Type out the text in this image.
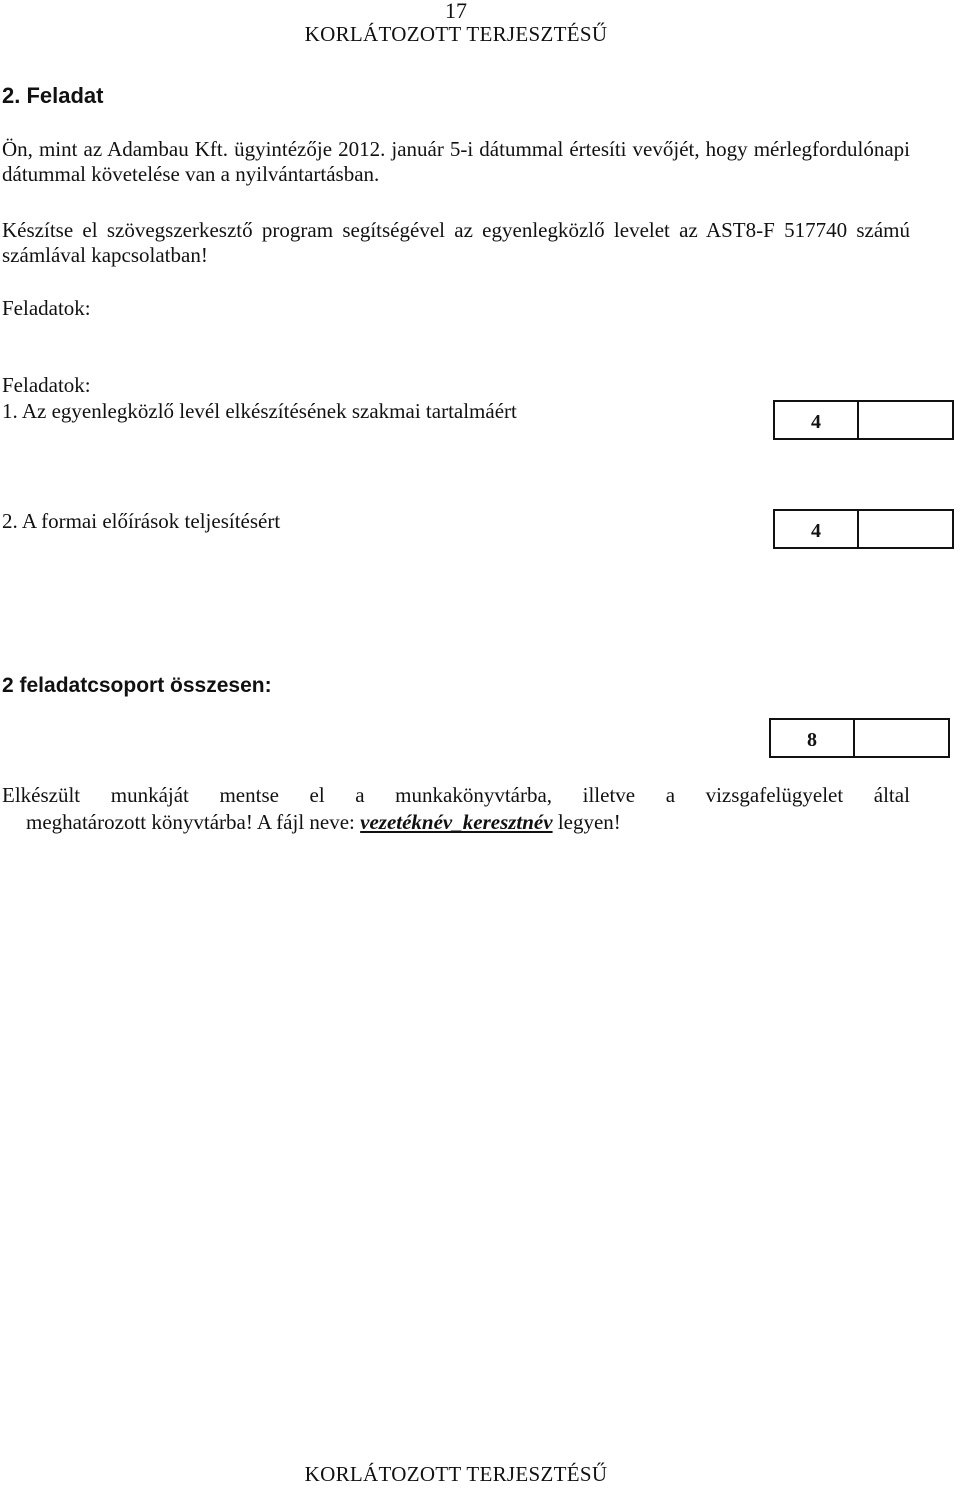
17
KORLÁTOZOTT TERJESZTÉSŰ
2. Feladat
Ön, mint az Adambau Kft. ügyintézője 2012. január 5-i dátummal értesíti vevőjét, hogy mérlegfordulónapi dátummal követelése van a nyilvántartásban.
Készítse el szövegszerkesztő program segítségével az egyenlegközlő levelet az AST8-F 517740 számú számlával kapcsolatban!
Feladatok:
Feladatok:
1. Az egyenlegközlő levél elkészítésének szakmai tartalmáért	4
2. A formai előírások teljesítésért	4
2 feladatcsoport összesen:
8
Elkészült munkáját mentse el a munkakönyvtárba, illetve a vizsgafelügyelet által
meghatározott könyvtárba! A fájl neve: vezetéknév_keresztnév legyen!
KORLÁTOZOTT TERJESZTÉSŰ
